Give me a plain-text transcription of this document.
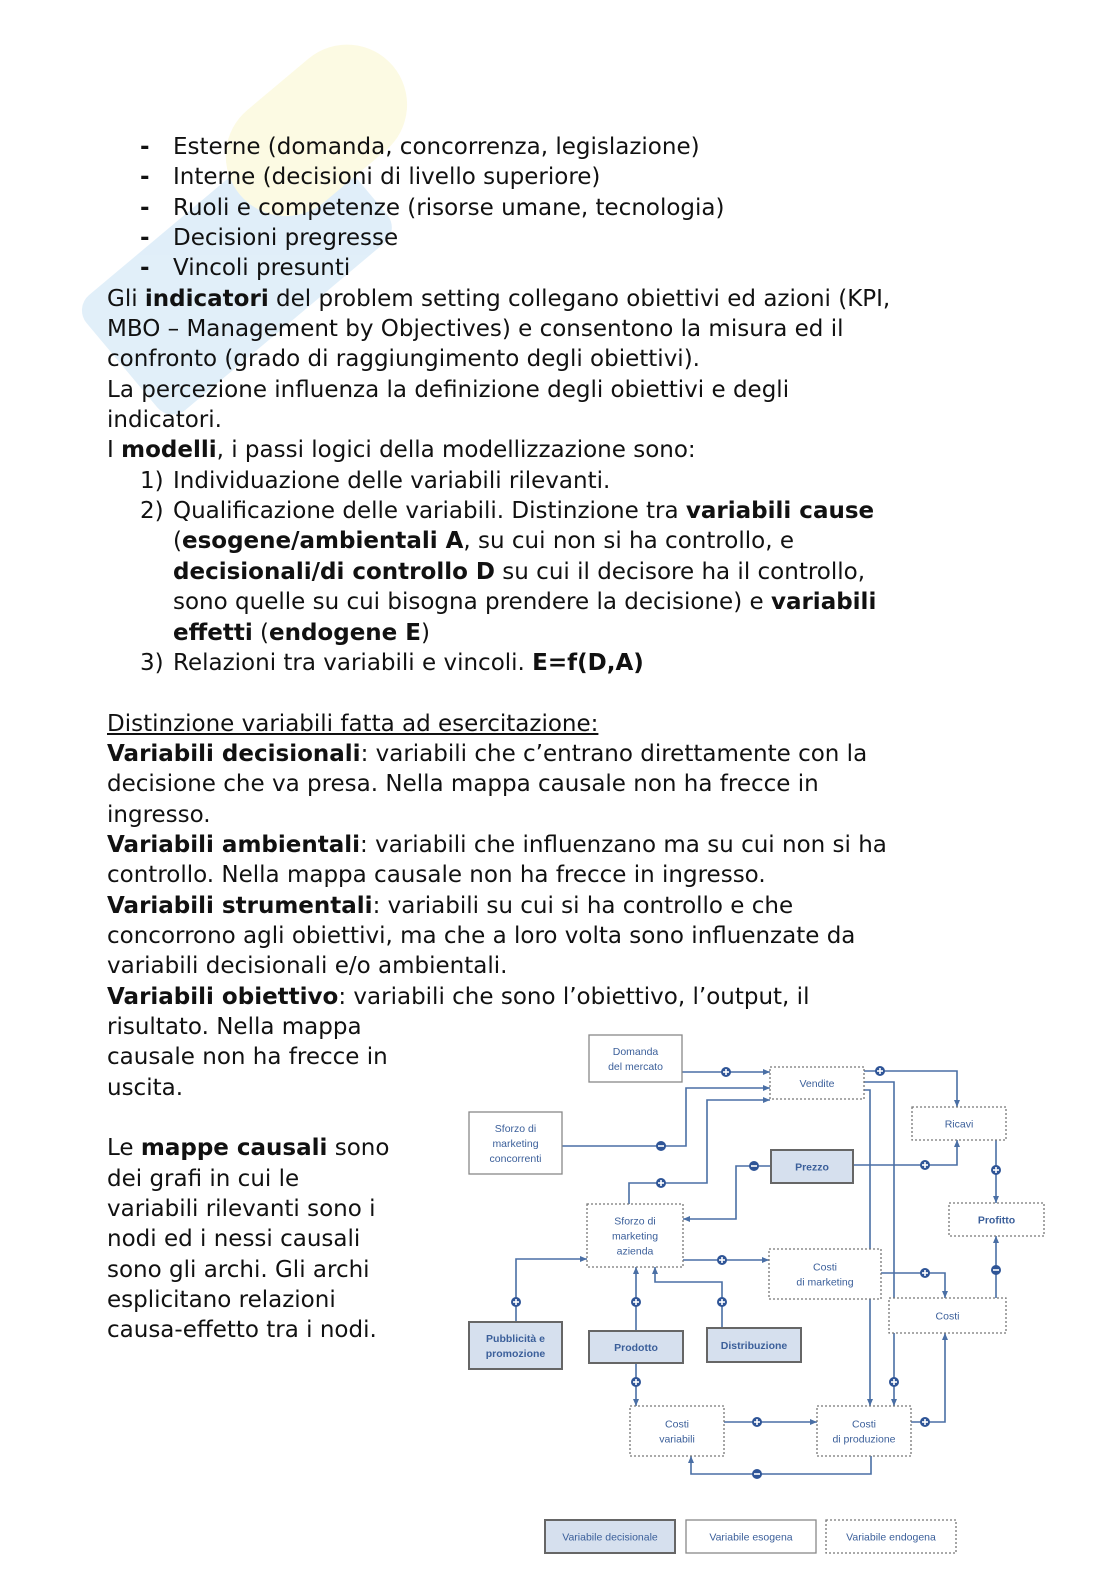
- Esterne (domanda, concorrenza, legislazione)
- Interne (decisioni di livello superiore)
- Ruoli e competenze (risorse umane, tecnologia)
- Decisioni pregresse
- Vincoli presunti
Gli indicatori del problem setting collegano obiettivi ed azioni (KPI,
MBO – Management by Objectives) e consentono la misura ed il
confronto (grado di raggiungimento degli obiettivi).
La percezione influenza la definizione degli obiettivi e degli
indicatori.
I modelli, i passi logici della modellizzazione sono:
1) Individuazione delle variabili rilevanti.
2) Qualificazione delle variabili. Distinzione tra variabili cause
(esogene/ambientali A, su cui non si ha controllo, e
decisionali/di controllo D su cui il decisore ha il controllo,
sono quelle su cui bisogna prendere la decisione) e variabili
effetti (endogene E)
3) Relazioni tra variabili e vincoli. E=f(D,A)
Distinzione variabili fatta ad esercitazione:
Variabili decisionali: variabili che c’entrano direttamente con la
decisione che va presa. Nella mappa causale non ha frecce in
ingresso.
Variabili ambientali: variabili che influenzano ma su cui non si ha
controllo. Nella mappa causale non ha frecce in ingresso.
Variabili strumentali: variabili su cui si ha controllo e che
concorrono agli obiettivi, ma che a loro volta sono influenzate da
variabili decisionali e/o ambientali.
Variabili obiettivo: variabili che sono l’obiettivo, l’output, il
risultato. Nella mappa
causale non ha frecce in
uscita.
Le mappe causali sono
dei grafi in cui le
variabili rilevanti sono i
nodi ed i nessi causali
sono gli archi. Gli archi
esplicitano relazioni
causa-effetto tra i nodi.
Domanda
del mercato
Vendite
Sforzo di
marketing
concorrenti
Ricavi
Prezzo
Profitto
Sforzo di
marketing
azienda
Costi
di marketing
Costi
Pubblicità e
promozione	Prodotto	Distribuzione
Costi
variabili
Costi
di produzione
Variabile decisionale	Variabile esogena	Variabile endogena
